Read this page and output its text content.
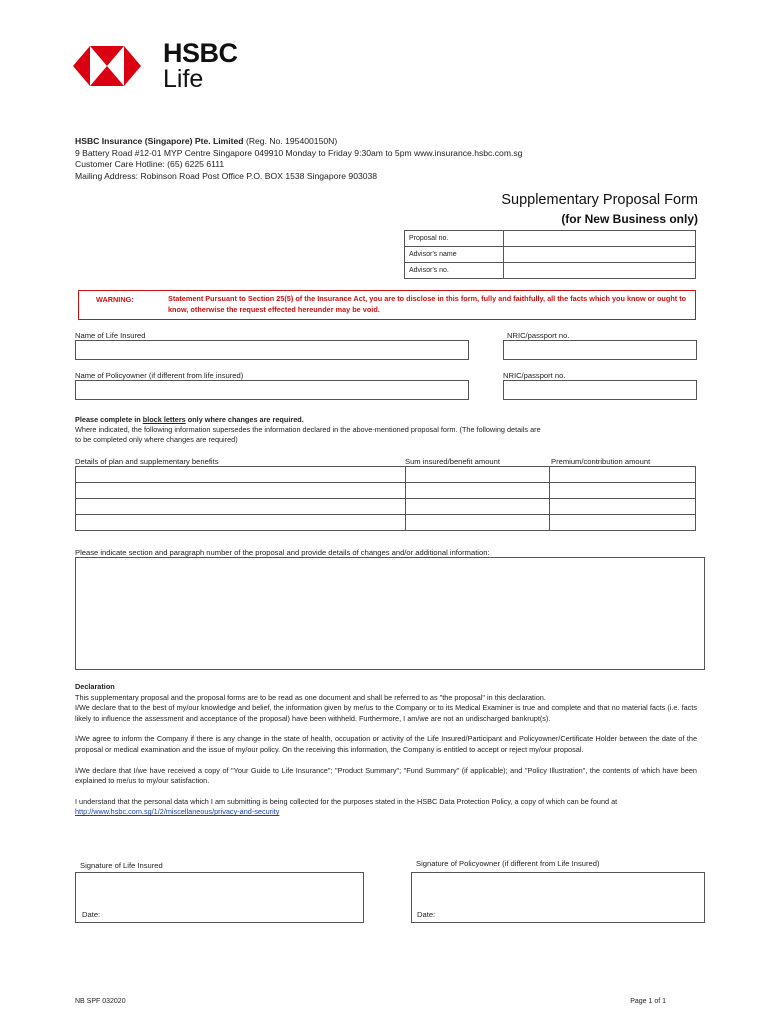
HSBC
Life
HSBC Insurance (Singapore) Pte. Limited (Reg. No. 195400150N)
9 Battery Road #12-01 MYP Centre Singapore 049910 Monday to Friday 9:30am to 5pm www.insurance.hsbc.com.sg
Customer Care Hotline: (65) 6225 6111
Mailing Address: Robinson Road Post Office P.O. BOX 1538 Singapore 903038
Supplementary Proposal Form
(for New Business only)
Proposal no.	
Advisor's name	
Advisor's no.	
WARNING:	Statement Pursuant to Section 25(5) of the Insurance Act, you are to disclose in this form, fully and faithfully, all the facts which you know or ought to know, otherwise the request effected hereunder may be void.
Name of Life Insured	NRIC/passport no.
Name of Policyowner (if different from life insured)	NRIC/passport no.
Please complete in block letters only where changes are required.
Where indicated, the following information supersedes the information declared in the above-mentioned proposal form. (The following details are to be completed only where changes are required)
Details of plan and supplementary benefits	Sum insured/benefit amount	Premium/contribution amount

Please indicate section and paragraph number of the proposal and provide details of changes and/or additional information:
Declaration
This supplementary proposal and the proposal forms are to be read as one document and shall be referred to as "the proposal" in this declaration.
I/We declare that to the best of my/our knowledge and belief, the information given by me/us to the Company or to its Medical Examiner is true and complete and that no material facts (i.e. facts likely to influence the assessment and acceptance of the proposal) have been withheld. Furthermore, I am/we are not an undischarged bankrupt(s).
I/We agree to inform the Company if there is any change in the state of health, occupation or activity of the Life Insured/Participant and Policyowner/Certificate Holder between the date of the proposal or medical examination and the issue of my/our policy. On the receiving this information, the Company is entitled to accept or reject my/our proposal.
I/We declare that I/we have received a copy of "Your Guide to Life Insurance"; "Product Summary"; "Fund Summary" (if applicable); and "Policy Illustration", the contents of which have been explained to me/us to my/our satisfaction.
I understand that the personal data which I am submitting is being collected for the purposes stated in the HSBC Data Protection Policy, a copy of which can be found at
http://www.hsbc.com.sg/1/2/miscellaneous/privacy-and-security
Signature of Life Insured	Signature of Policyowner (if different from Life Insured)
Date:	Date:
NB SPF 032020	Page 1 of 1
